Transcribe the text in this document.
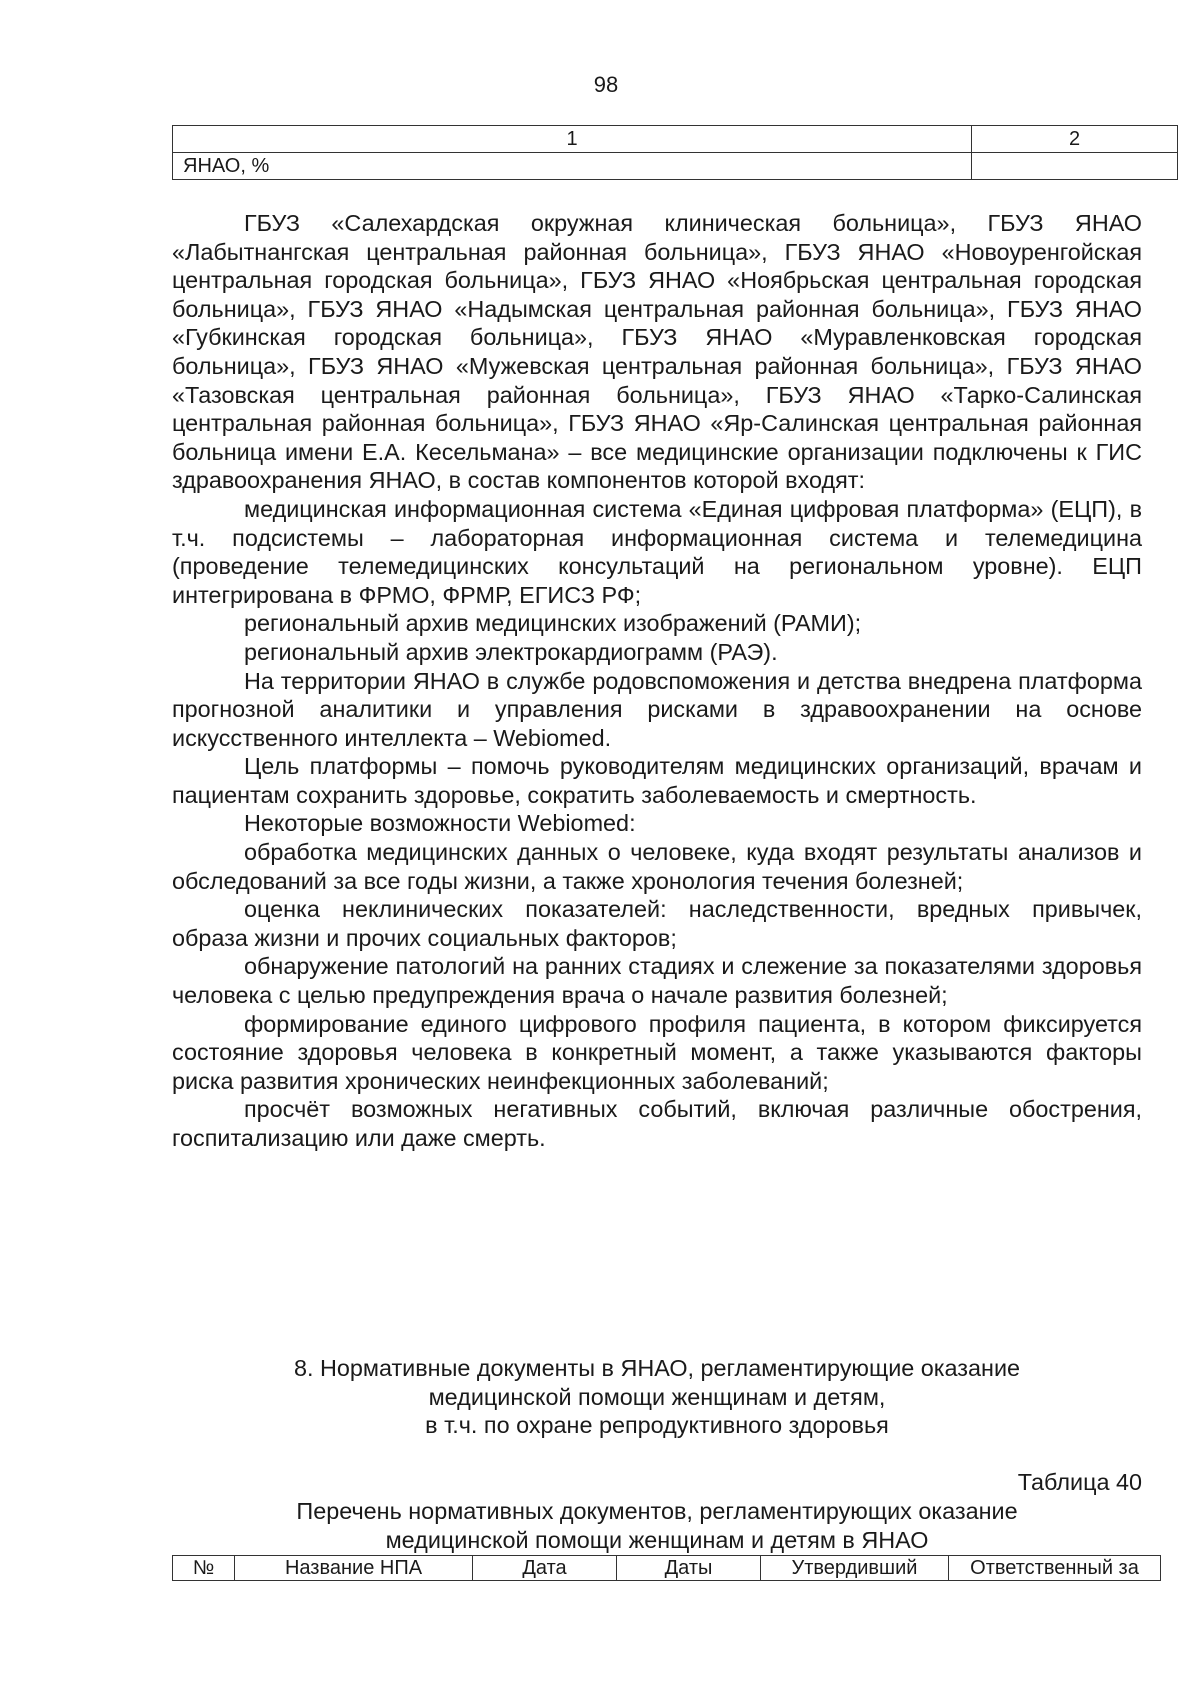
98
1	2
ЯНАО, %	

ГБУЗ «Салехардская окружная клиническая больница», ГБУЗ ЯНАО «Лабытнангская центральная районная больница», ГБУЗ ЯНАО «Новоуренгойская центральная городская больница», ГБУЗ ЯНАО «Ноябрьская центральная городская больница», ГБУЗ ЯНАО «Надымская центральная районная больница», ГБУЗ ЯНАО «Губкинская городская больница», ГБУЗ ЯНАО «Муравленковская городская больница», ГБУЗ ЯНАО «Мужевская центральная районная больница», ГБУЗ ЯНАО «Тазовская центральная районная больница», ГБУЗ ЯНАО «Тарко-Салинская центральная районная больница», ГБУЗ ЯНАО «Яр-Салинская центральная районная больница имени Е.А. Кесельмана» – все медицинские организации подключены к ГИС здравоохранения ЯНАО, в состав компонентов которой входят:

медицинская информационная система «Единая цифровая платформа» (ЕЦП), в т.ч. подсистемы – лабораторная информационная система и телемедицина (проведение телемедицинских консультаций на региональном уровне). ЕЦП интегрирована в ФРМО, ФРМР, ЕГИСЗ РФ;

региональный архив медицинских изображений (РАМИ);

региональный архив электрокардиограмм (РАЭ).

На территории ЯНАО в службе родовспоможения и детства внедрена платформа прогнозной аналитики и управления рисками в здравоохранении на основе искусственного интеллекта – Webiomed.

Цель платформы – помочь руководителям медицинских организаций, врачам и пациентам сохранить здоровье, сократить заболеваемость и смертность.

Некоторые возможности Webiomed:

обработка медицинских данных о человеке, куда входят результаты анализов и обследований за все годы жизни, а также хронология течения болезней;

оценка неклинических показателей: наследственности, вредных привычек, образа жизни и прочих социальных факторов;

обнаружение патологий на ранних стадиях и слежение за показателями здоровья человека с целью предупреждения врача о начале развития болезней;

формирование единого цифрового профиля пациента, в котором фиксируется состояние здоровья человека в конкретный момент, а также указываются факторы риска развития хронических неинфекционных заболеваний;

просчёт возможных негативных событий, включая различные обострения, госпитализацию или даже смерть.

8. Нормативные документы в ЯНАО, регламентирующие оказание
медицинской помощи женщинам и детям,
в т.ч. по охране репродуктивного здоровья
Таблица 40
Перечень нормативных документов, регламентирующих оказание
медицинской помощи женщинам и детям в ЯНАО
№	Название НПА	Дата	Даты	Утвердивший	Ответственный за
